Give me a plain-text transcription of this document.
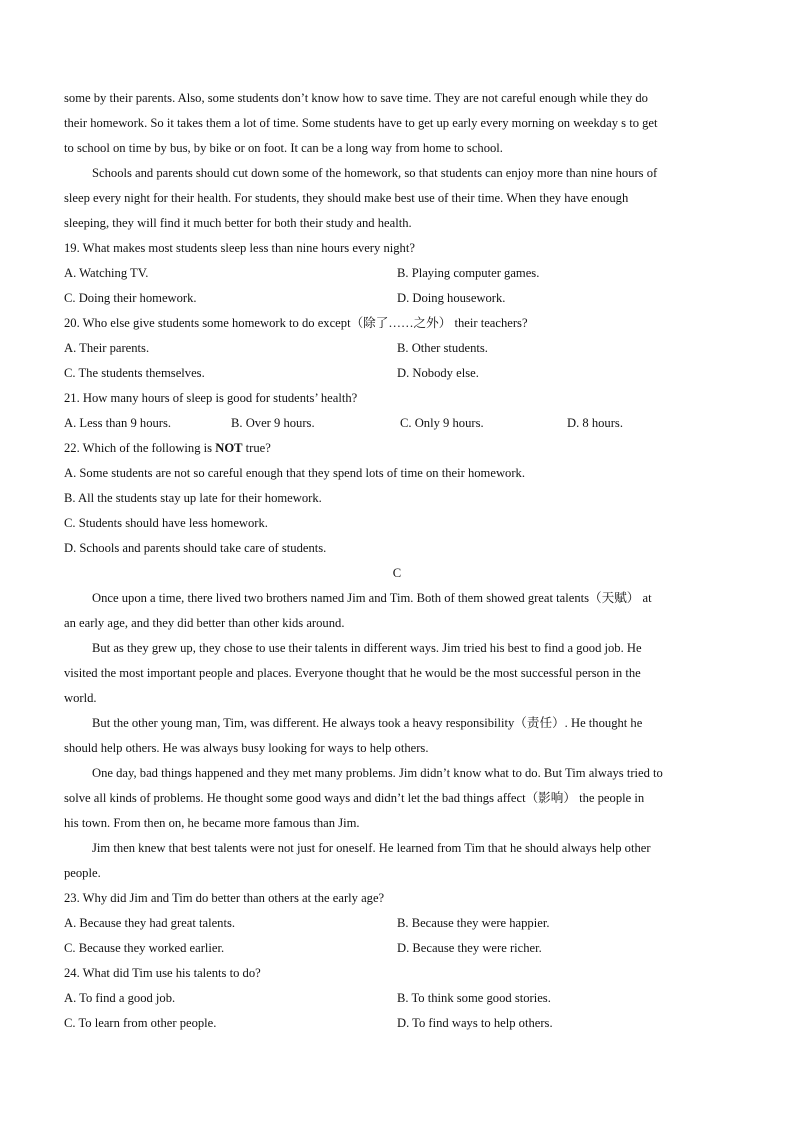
some by their parents. Also, some students don’t know how to save time. They are not careful enough while they do
their homework. So it takes them a lot of time. Some students have to get up early every morning on weekday s to get
to school on time by bus, by bike or on foot. It can be a long way from home to school.
Schools and parents should cut down some of the homework, so that students can enjoy more than nine hours of
sleep every night for their health. For students, they should make best use of their time. When they have enough
sleeping, they will find it much better for both their study and health.
19. What makes most students sleep less than nine hours every night?
A. Watching TV.	B. Playing computer games.
C. Doing their homework.	D. Doing housework.
20. Who else give students some homework to do except（除了……之外） their teachers?
A. Their parents.	B. Other students.
C. The students themselves.	D. Nobody else.
21. How many hours of sleep is good for students’ health?
A. Less than 9 hours.	B. Over 9 hours.	C. Only 9 hours.	D. 8 hours.
22. Which of the following is NOT true?
A. Some students are not so careful enough that they spend lots of time on their homework.
B. All the students stay up late for their homework.
C. Students should have less homework.
D. Schools and parents should take care of students.
C
Once upon a time, there lived two brothers named Jim and Tim. Both of them showed great talents（天赋） at
an early age, and they did better than other kids around.
But as they grew up, they chose to use their talents in different ways. Jim tried his best to find a good job. He
visited the most important people and places. Everyone thought that he would be the most successful person in the
world.
But the other young man, Tim, was different. He always took a heavy responsibility（责任）. He thought he
should help others. He was always busy looking for ways to help others.
One day, bad things happened and they met many problems. Jim didn’t know what to do. But Tim always tried to
solve all kinds of problems. He thought some good ways and didn’t let the bad things affect（影响） the people in
his town. From then on, he became more famous than Jim.
Jim then knew that best talents were not just for oneself. He learned from Tim that he should always help other
people.
23. Why did Jim and Tim do better than others at the early age?
A. Because they had great talents.	B. Because they were happier.
C. Because they worked earlier.	D. Because they were richer.
24. What did Tim use his talents to do?
A. To find a good job.	B. To think some good stories.
C. To learn from other people.	D. To find ways to help others.
